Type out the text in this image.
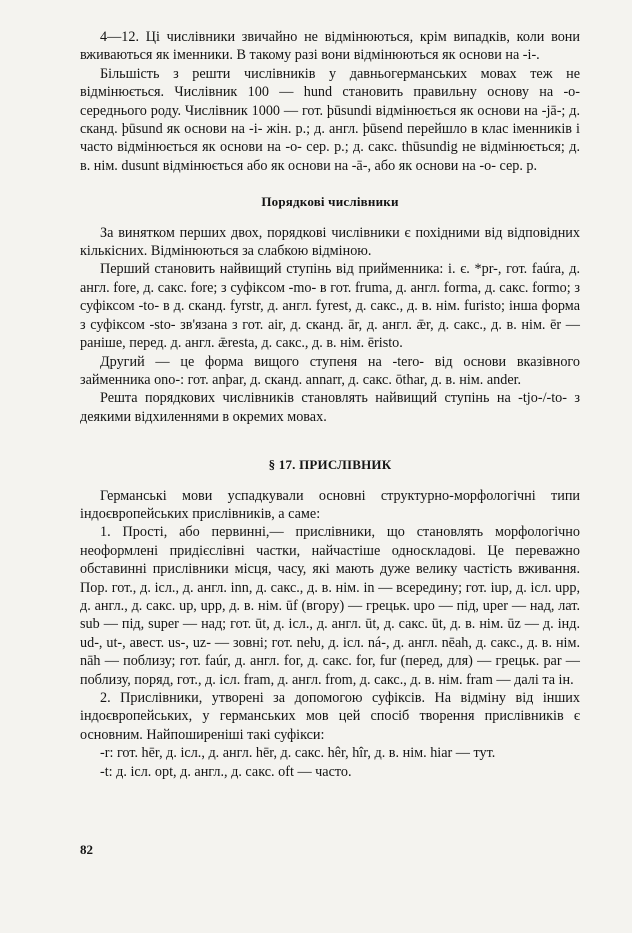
4—12. Ці числівники звичайно не відмінюються, крім випадків, коли вони вживаються як іменники. В такому разі вони відмінюються як основи на -i-.

Більшість з решти числівників у давньогерманських мовах теж не відмінюється. Числівник 100 — hund становить правильну основу на -о- середнього роду. Числівник 1000 — гот. þūsundi відмінюється як основи на -jā-; д. сканд. þūsund як основи на -i- жін. р.; д. англ. þūsend перейшло в клас іменників і часто відмінюється як основи на -о- сер. р.; д. сакс. thūsundig не відмінюється; д. в. нім. dusunt відмінюється або як основи на -ā-, або як основи на -о- сер. р.

Порядкові числівники

За винятком перших двох, порядкові числівники є похідними від відповідних кількісних. Відмінюються за слабкою відміною.

Перший становить найвищий ступінь від прийменника: і. є. *pr-, гот. faúra, д. англ. fore, д. сакс. fore; з суфіксом -mo- в гот. fruma, д. англ. forma, д. сакс. formo; з суфіксом -to- в д. сканд. fyrstr, д. англ. fyrest, д. сакс., д. в. нім. furisto; інша форма з суфіксом -sto- зв'язана з гот. air, д. сканд. ār, д. англ. ǣr, д. сакс., д. в. нім. ēr — раніше, перед. д. англ. ǣresta, д. сакс., д. в. нім. ēristo.

Другий — це форма вищого ступеня на -tero- від основи вказівного займенника ono-: гот. anþar, д. сканд. annarr, д. сакс. ōthar, д. в. нім. ander.

Решта порядкових числівників становлять найвищий ступінь на -tjo-/-to- з деякими відхиленнями в окремих мовах.

§ 17. ПРИСЛІВНИК

Германські мови успадкували основні структурно-морфологічні типи індоєвропейських прислівників, а саме:

1. Прості, або первинні,— прислівники, що становлять морфологічно неоформлені придієслівні частки, найчастіше односкладові. Це переважно обставинні прислівники місця, часу, які мають дуже велику частість вживання. Пор. гот., д. ісл., д. англ. inn, д. сакс., д. в. нім. in — всередину; гот. iup, д. ісл. upp, д. англ., д. сакс. up, upp, д. в. нім. ūf (вгору) — грецьк. upo — під, uper — над, лат. sub — під, super — над; гот. ūt, д. ісл., д. англ. ūt, д. сакс. ūt, д. в. нім. ūz — д. інд. ud-, ut-, авест. us-, uz- — зовні; гот. neƕ, д. ісл. ná-, д. англ. nēah, д. сакс., д. в. нім. nāh — поблизу; гот. faúr, д. англ. for, д. сакс. for, fur (перед, для) — грецьк. par — поблизу, поряд, гот., д. ісл. fram, д. англ. from, д. сакс., д. в. нім. fram — далі та ін.

2. Прислівники, утворені за допомогою суфіксів. На відміну від інших індоєвропейських, у германських мов цей спосіб творення прислівників є основним. Найпоширеніші такі суфікси:

-r: гот. hēr, д. ісл., д. англ. hēr, д. сакс. hêr, hîr, д. в. нім. hiar — тут.

-t: д. ісл. opt, д. англ., д. сакс. oft — часто.

82
